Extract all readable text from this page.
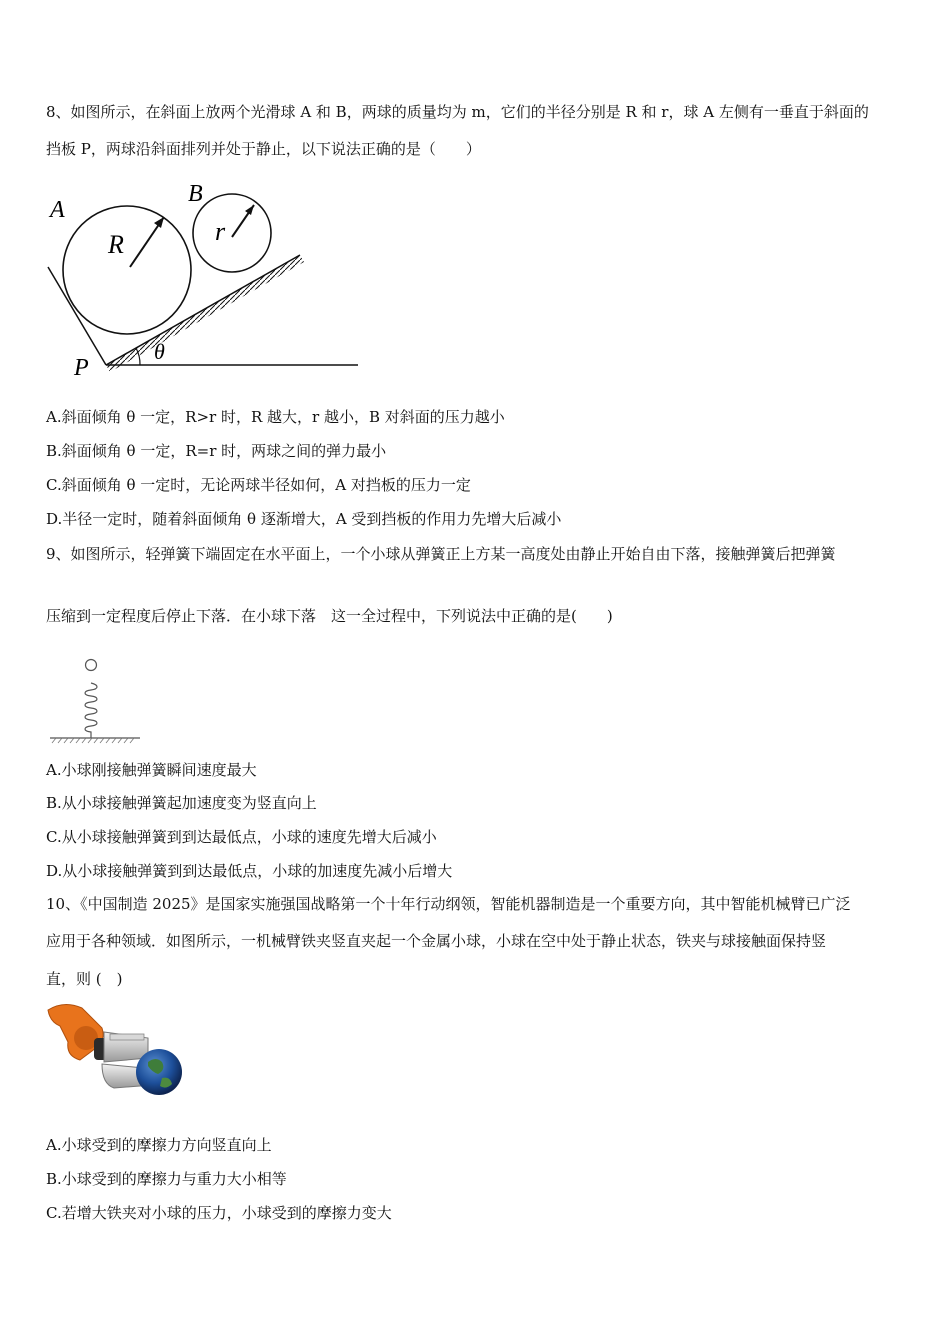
8、如图所示，在斜面上放两个光滑球 A 和 B，两球的质量均为 m，它们的半径分别是 R 和 r，球 A 左侧有一垂直于斜面的
挡板 P，两球沿斜面排列并处于静止，以下说法正确的是（　　）
A
B
R	r
θ
P
A.斜面倾角 θ 一定，R>r 时，R 越大，r 越小，B 对斜面的压力越小
B.斜面倾角 θ 一定，R=r 时，两球之间的弹力最小
C.斜面倾角 θ 一定时，无论两球半径如何，A 对挡板的压力一定
D.半径一定时，随着斜面倾角 θ 逐渐增大，A 受到挡板的作用力先增大后减小
9、如图所示，轻弹簧下端固定在水平面上，一个小球从弹簧正上方某一高度处由静止开始自由下落，接触弹簧后把弹簧
压缩到一定程度后停止下落．在小球下落　这一全过程中，下列说法中正确的是(　　)
A.小球刚接触弹簧瞬间速度最大
B.从小球接触弹簧起加速度变为竖直向上
C.从小球接触弹簧到到达最低点，小球的速度先增大后减小
D.从小球接触弹簧到到达最低点，小球的加速度先减小后增大
10、《中国制造 2025》是国家实施强国战略第一个十年行动纲领，智能机器制造是一个重要方向，其中智能机械臂已广泛
应用于各种领域．如图所示，一机械臂铁夹竖直夹起一个金属小球，小球在空中处于静止状态，铁夹与球接触面保持竖
直，则 (　)
A.小球受到的摩擦力方向竖直向上
B.小球受到的摩擦力与重力大小相等
C.若增大铁夹对小球的压力，小球受到的摩擦力变大
